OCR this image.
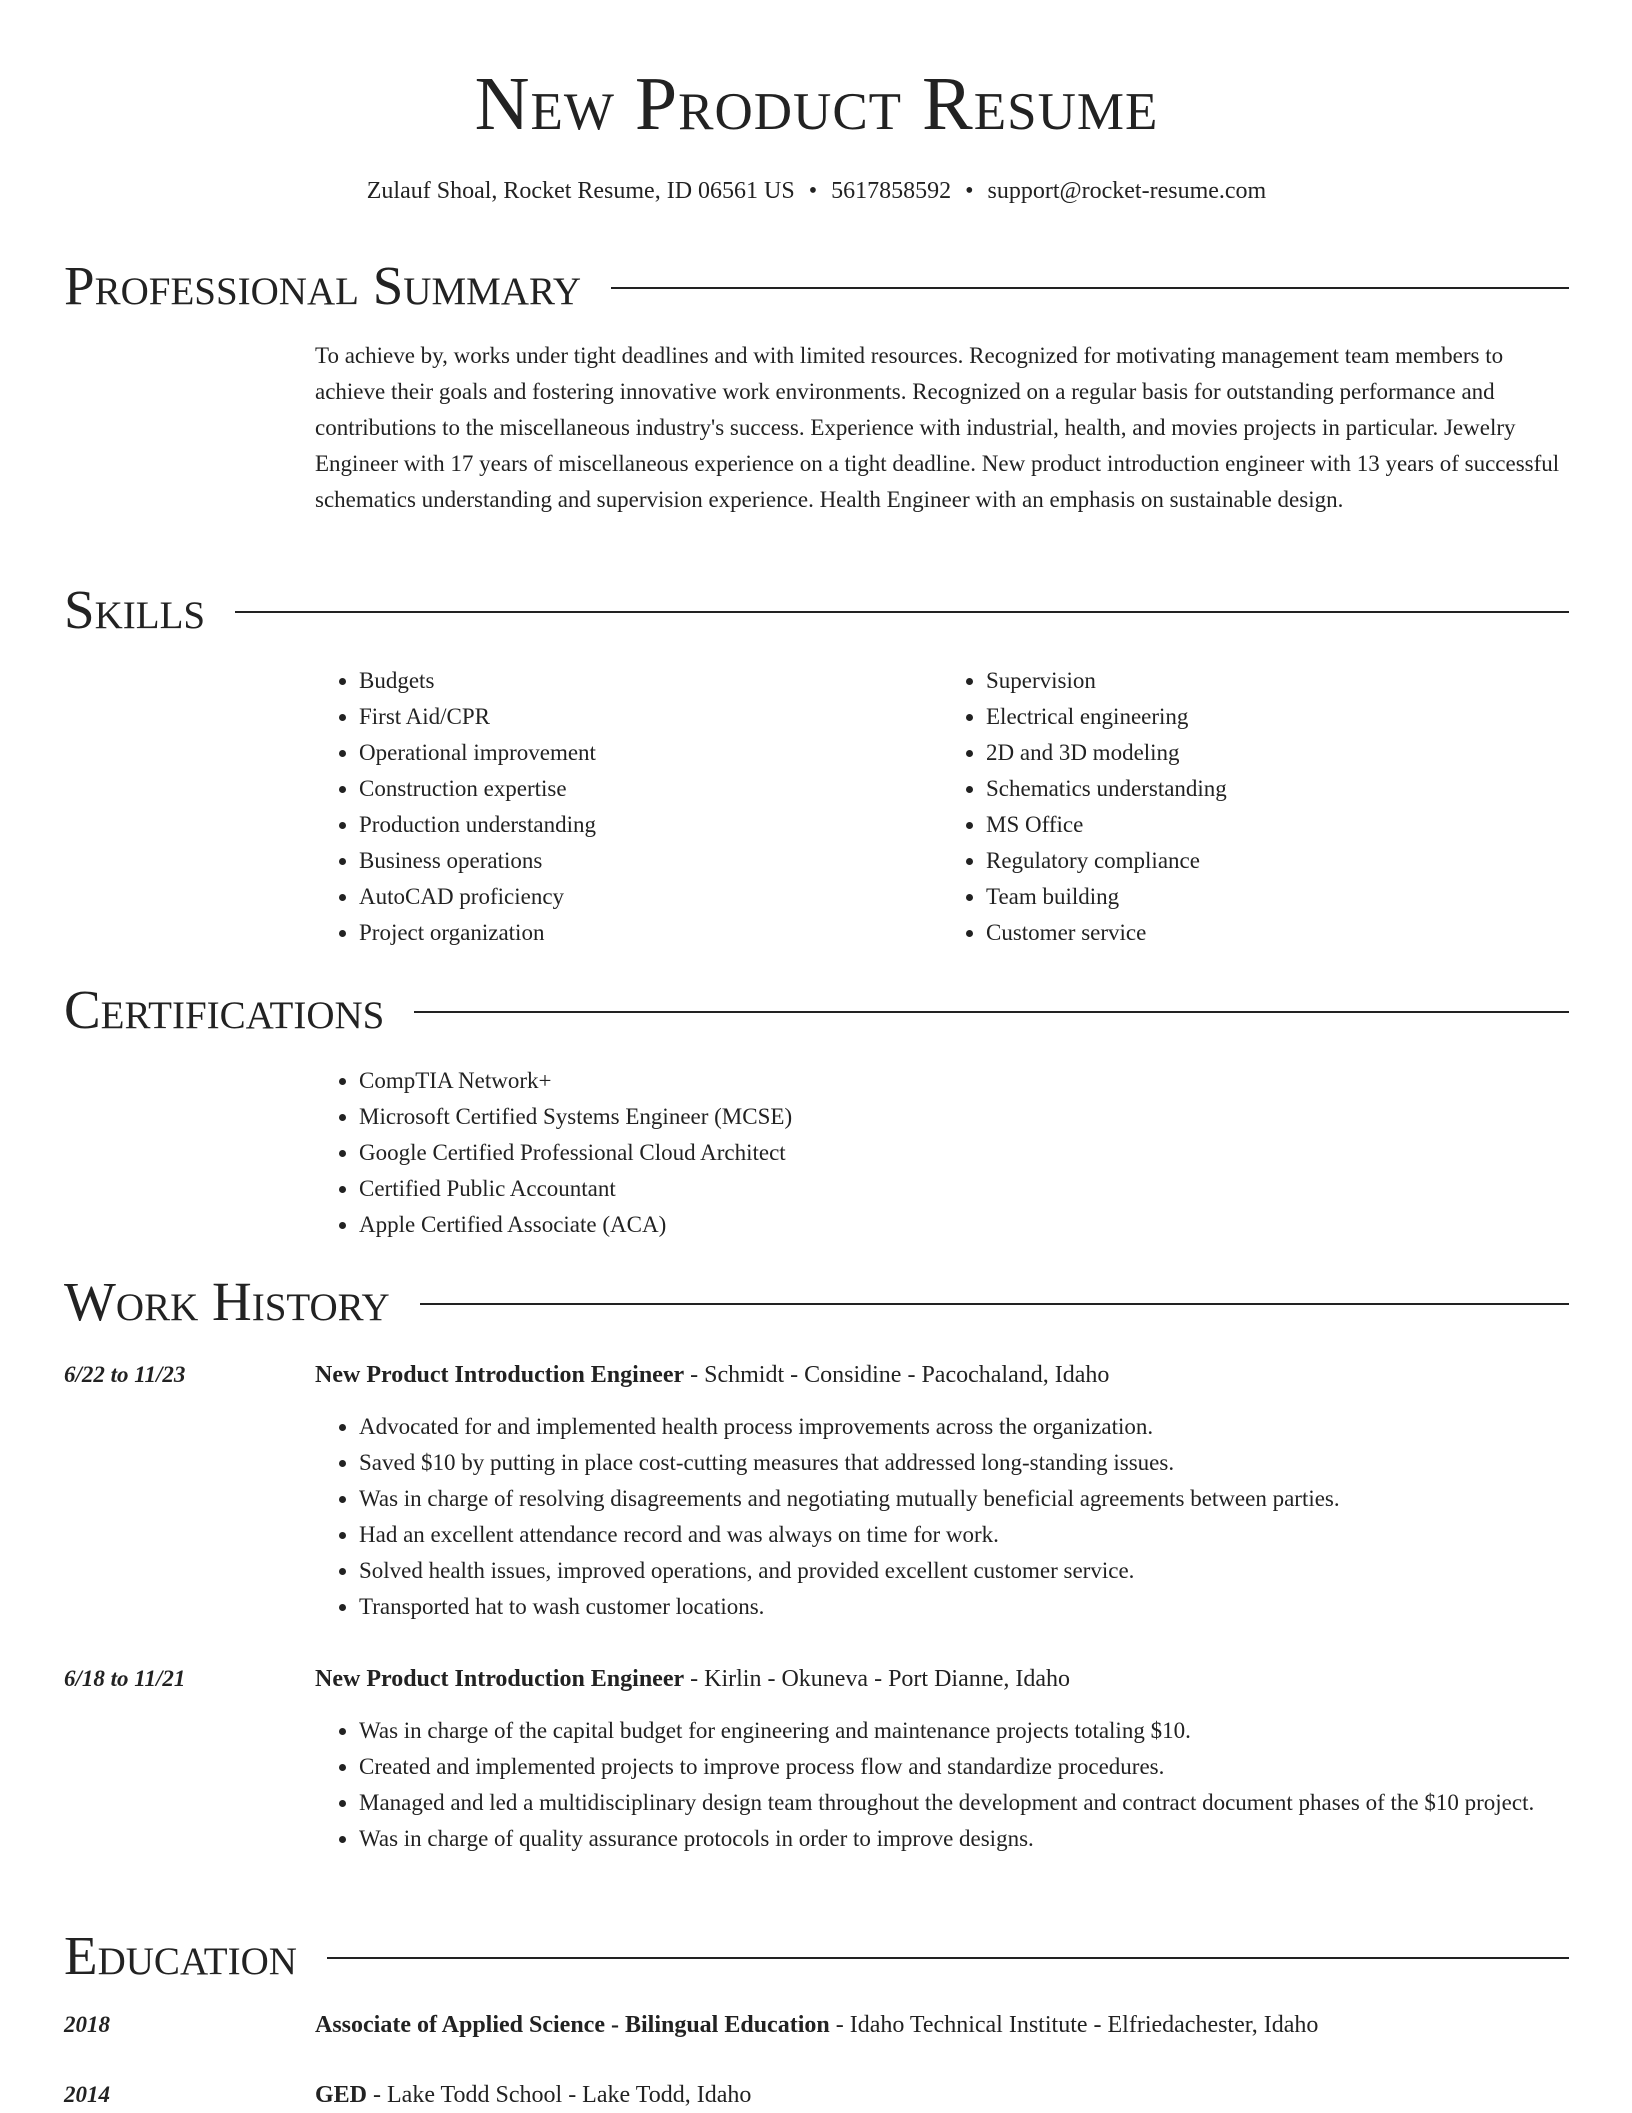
New Product Resume
Zulauf Shoal, Rocket Resume, ID 06561 US • 5617858592 • support@rocket-resume.com
Professional Summary
To achieve by, works under tight deadlines and with limited resources. Recognized for motivating management team members to achieve their goals and fostering innovative work environments. Recognized on a regular basis for outstanding performance and contributions to the miscellaneous industry's success. Experience with industrial, health, and movies projects in particular. Jewelry Engineer with 17 years of miscellaneous experience on a tight deadline. New product introduction engineer with 13 years of successful schematics understanding and supervision experience. Health Engineer with an emphasis on sustainable design.
Skills
• Budgets
• First Aid/CPR
• Operational improvement
• Construction expertise
• Production understanding
• Business operations
• AutoCAD proficiency
• Project organization
• Supervision
• Electrical engineering
• 2D and 3D modeling
• Schematics understanding
• MS Office
• Regulatory compliance
• Team building
• Customer service
Certifications
• CompTIA Network+
• Microsoft Certified Systems Engineer (MCSE)
• Google Certified Professional Cloud Architect
• Certified Public Accountant
• Apple Certified Associate (ACA)
Work History
6/22 to 11/23	New Product Introduction Engineer - Schmidt - Considine - Pacochaland, Idaho
• Advocated for and implemented health process improvements across the organization.
• Saved $10 by putting in place cost-cutting measures that addressed long-standing issues.
• Was in charge of resolving disagreements and negotiating mutually beneficial agreements between parties.
• Had an excellent attendance record and was always on time for work.
• Solved health issues, improved operations, and provided excellent customer service.
• Transported hat to wash customer locations.
6/18 to 11/21	New Product Introduction Engineer - Kirlin - Okuneva - Port Dianne, Idaho
• Was in charge of the capital budget for engineering and maintenance projects totaling $10.
• Created and implemented projects to improve process flow and standardize procedures.
• Managed and led a multidisciplinary design team throughout the development and contract document phases of the $10 project.
• Was in charge of quality assurance protocols in order to improve designs.
Education
2018	Associate of Applied Science - Bilingual Education - Idaho Technical Institute - Elfriedachester, Idaho
2014	GED - Lake Todd School - Lake Todd, Idaho
